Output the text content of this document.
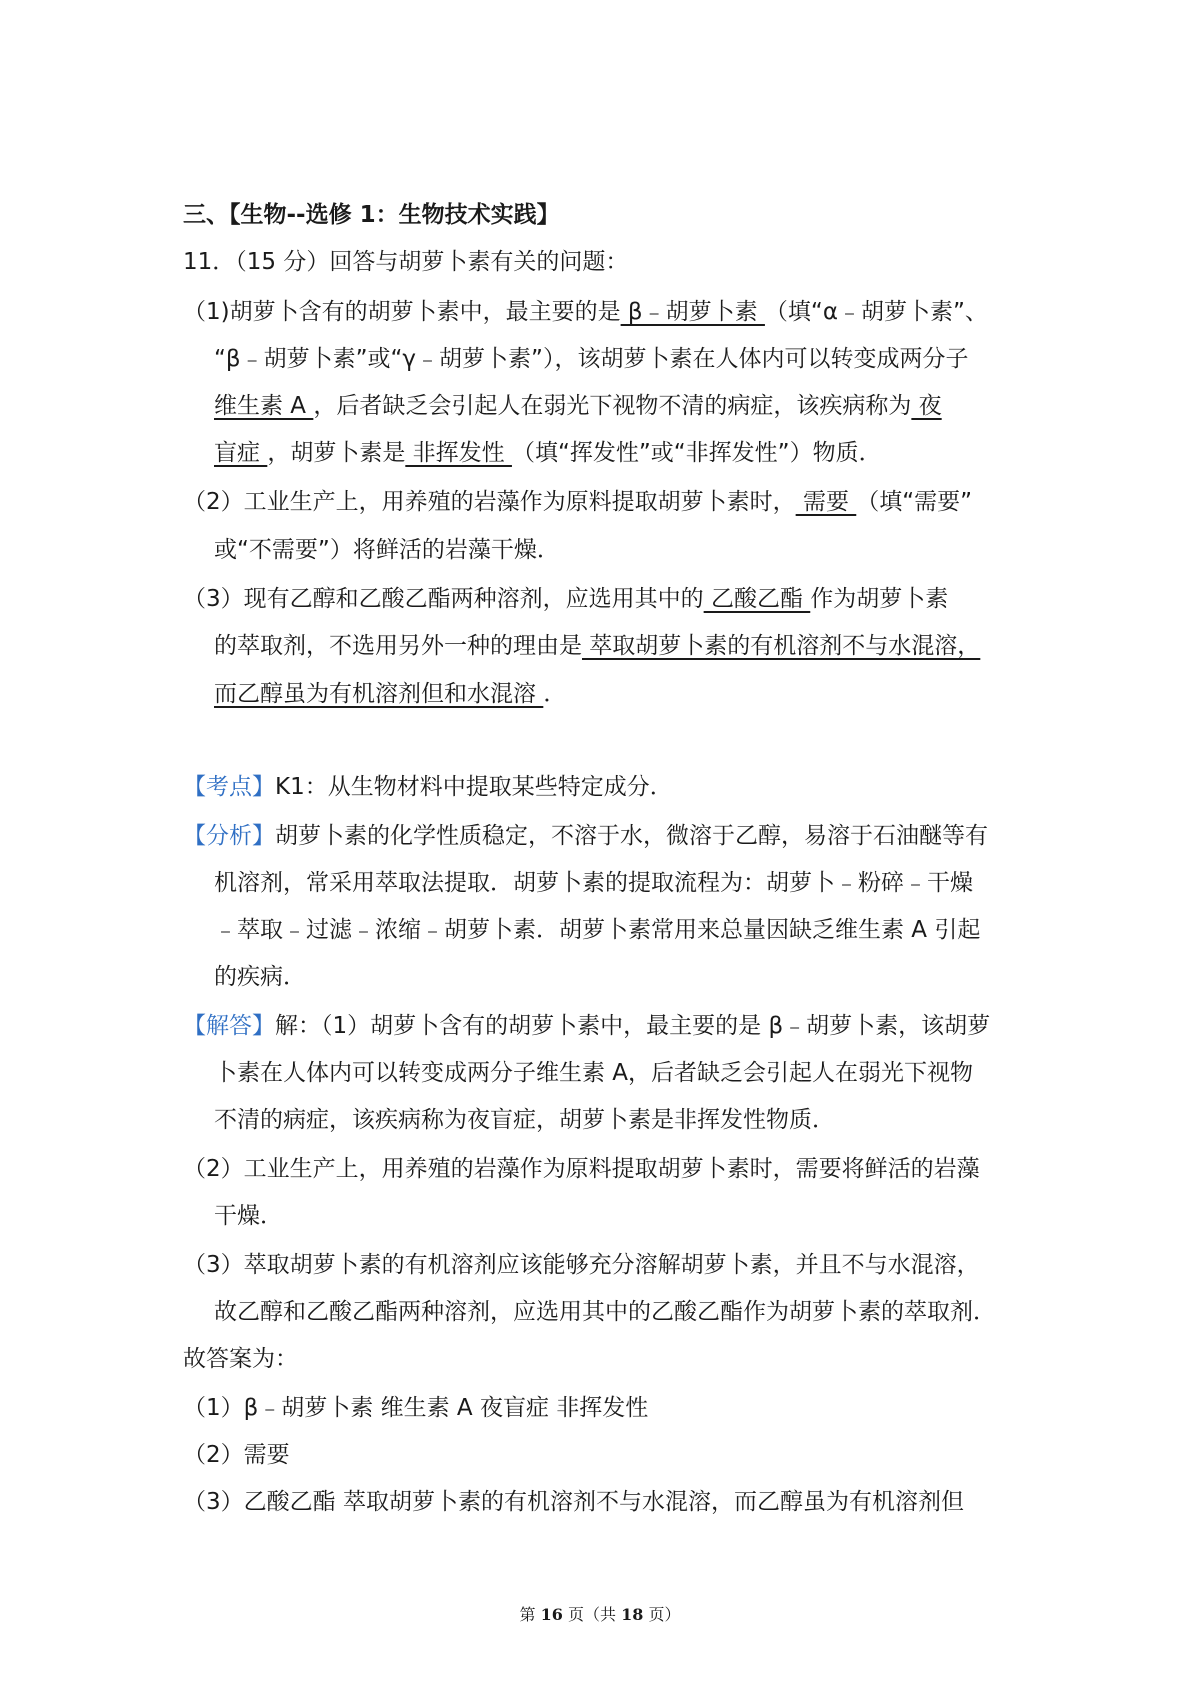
三、【生物--选修 1：生物技术实践】
11．（15 分）回答与胡萝卜素有关的问题：
（1)胡萝卜含有的胡萝卜素中，最主要的是 β﹣胡萝卜素 （填“α﹣胡萝卜素”、
“β﹣胡萝卜素”或“γ﹣胡萝卜素”），该胡萝卜素在人体内可以转变成两分子
维生素 A ，后者缺乏会引起人在弱光下视物不清的病症，该疾病称为 夜
盲症 ，胡萝卜素是 非挥发性 （填“挥发性”或“非挥发性”）物质．
（2）工业生产上，用养殖的岩藻作为原料提取胡萝卜素时， 需要 （填“需要”
或“不需要”）将鲜活的岩藻干燥．
（3）现有乙醇和乙酸乙酯两种溶剂，应选用其中的 乙酸乙酯 作为胡萝卜素
的萃取剂，不选用另外一种的理由是 萃取胡萝卜素的有机溶剂不与水混溶，
而乙醇虽为有机溶剂但和水混溶 ．
【考点】K1：从生物材料中提取某些特定成分．
【分析】胡萝卜素的化学性质稳定，不溶于水，微溶于乙醇，易溶于石油醚等有
机溶剂，常采用萃取法提取．胡萝卜素的提取流程为：胡萝卜﹣粉碎﹣干燥
﹣萃取﹣过滤﹣浓缩﹣胡萝卜素．胡萝卜素常用来总量因缺乏维生素 A 引起
的疾病．
【解答】解：（1）胡萝卜含有的胡萝卜素中，最主要的是 β﹣胡萝卜素，该胡萝
卜素在人体内可以转变成两分子维生素 A，后者缺乏会引起人在弱光下视物
不清的病症，该疾病称为夜盲症，胡萝卜素是非挥发性物质．
（2）工业生产上，用养殖的岩藻作为原料提取胡萝卜素时，需要将鲜活的岩藻
干燥．
（3）萃取胡萝卜素的有机溶剂应该能够充分溶解胡萝卜素，并且不与水混溶，
故乙醇和乙酸乙酯两种溶剂，应选用其中的乙酸乙酯作为胡萝卜素的萃取剂．
故答案为：
（1）β﹣胡萝卜素 维生素 A 夜盲症 非挥发性
（2）需要
（3）乙酸乙酯 萃取胡萝卜素的有机溶剂不与水混溶，而乙醇虽为有机溶剂但
第 16 页（共 18 页）
